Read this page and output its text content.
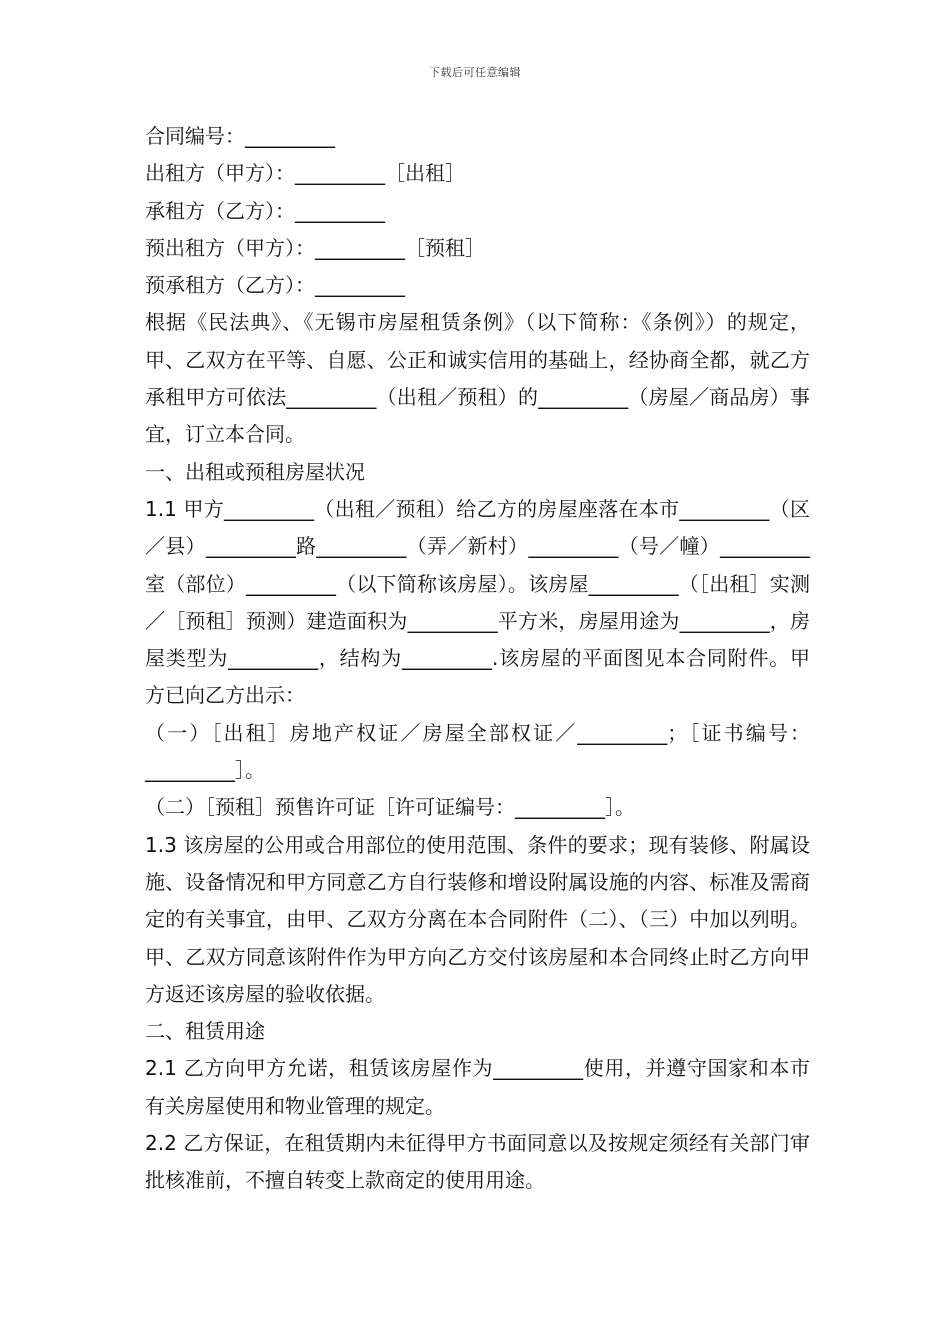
下载后可任意编辑

合同编号：_________

出租方（甲方）：_________［出租］

承租方（乙方）：_________

预出租方（甲方）：_________［预租］

预承租方（乙方）：_________

根据《民法典》、《无锡市房屋租赁条例》（以下简称：《条例》）的规定，甲、乙双方在平等、自愿、公正和诚实信用的基础上，经协商全都，就乙方承租甲方可依法_________（出租／预租）的_________（房屋／商品房）事宜，订立本合同。

一、出租或预租房屋状况

1.1 甲方_________（出租／预租）给乙方的房屋座落在本市_________（区／县）_________路_________（弄／新村）_________（号／幢）_________室（部位）_________（以下简称该房屋）。该房屋_________（［出租］实测／［预租］预测）建造面积为_________平方米，房屋用途为_________，房屋类型为_________，结构为_________.该房屋的平面图见本合同附件。甲方已向乙方出示：

（一）［出租］房地产权证／房屋全部权证／_________；［证书编号：_________］。

（二）［预租］预售许可证［许可证编号：_________］。

1.3 该房屋的公用或合用部位的使用范围、条件的要求；现有装修、附属设施、设备情况和甲方同意乙方自行装修和增设附属设施的内容、标准及需商定的有关事宜，由甲、乙双方分离在本合同附件（二）、（三）中加以列明。甲、乙双方同意该附件作为甲方向乙方交付该房屋和本合同终止时乙方向甲方返还该房屋的验收依据。

二、租赁用途

2.1 乙方向甲方允诺，租赁该房屋作为_________使用，并遵守国家和本市有关房屋使用和物业管理的规定。

2.2 乙方保证，在租赁期内未征得甲方书面同意以及按规定须经有关部门审批核准前，不擅自转变上款商定的使用用途。
